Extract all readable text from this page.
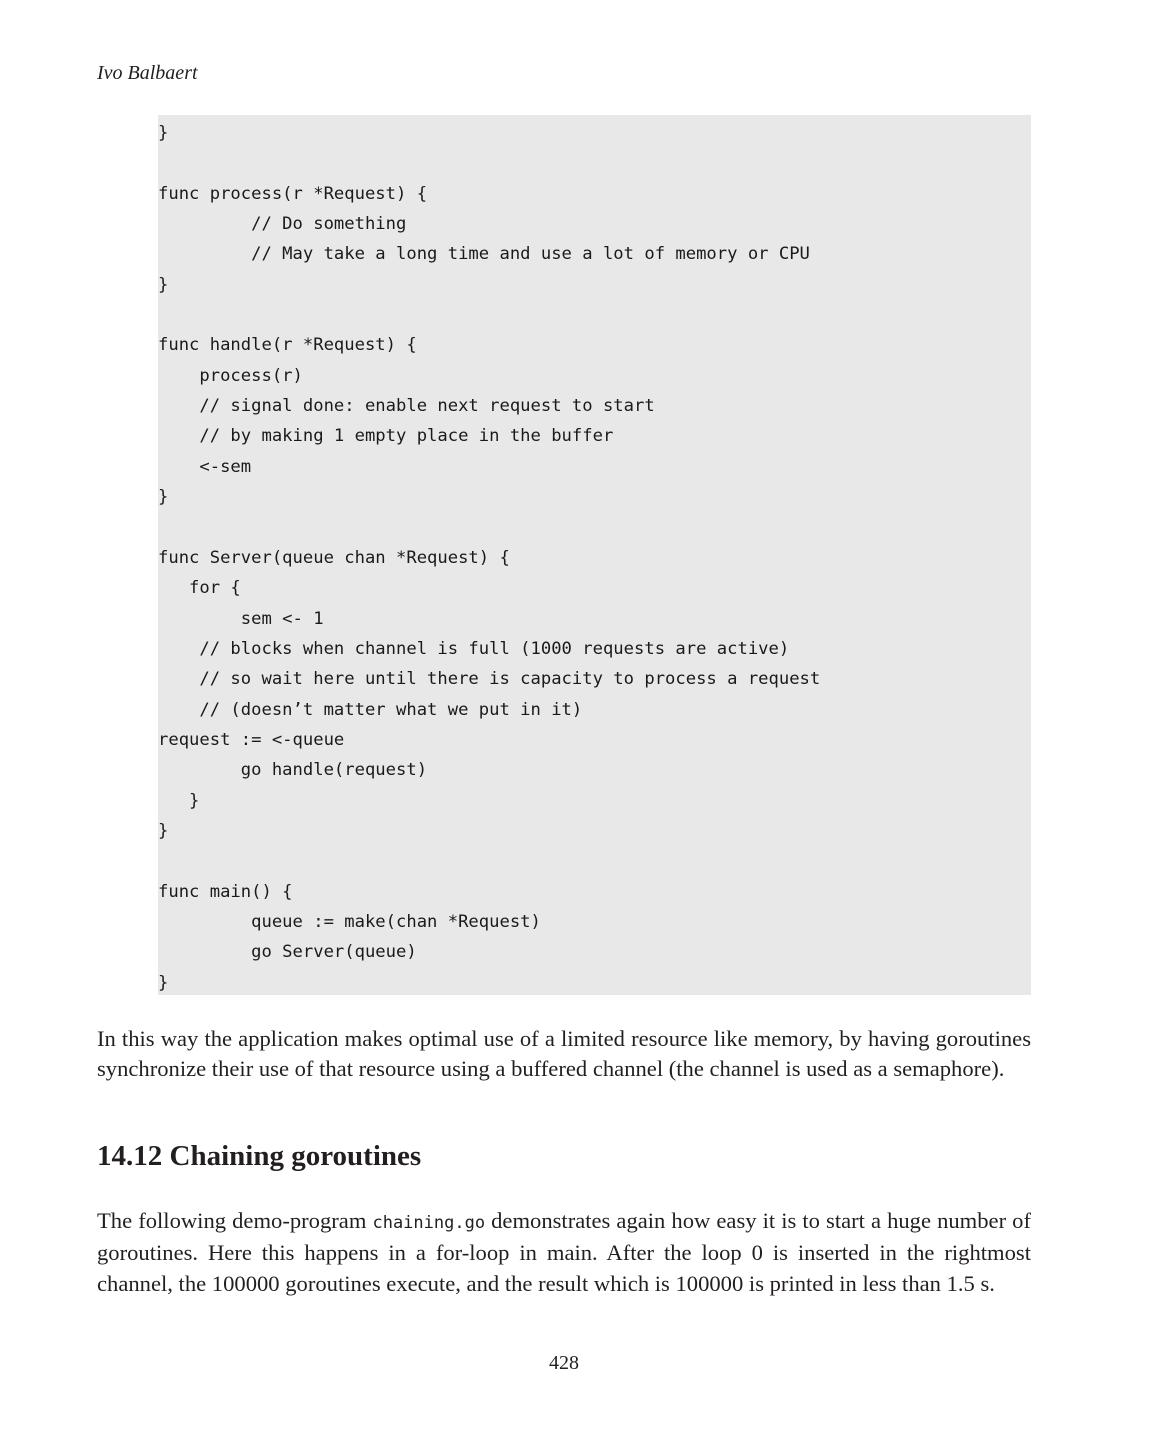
Ivo Balbaert
}

func process(r *Request) {
// Do something
// May take a long time and use a lot of memory or CPU
}

func handle(r *Request) {
process(r)
// signal done: enable next request to start
// by making 1 empty place in the buffer
<-sem
}

func Server(queue chan *Request) {
for {
sem <- 1
// blocks when channel is full (1000 requests are active)
// so wait here until there is capacity to process a request
// (doesn’t matter what we put in it)
request := <-queue
go handle(request)
}
}

func main() {
queue := make(chan *Request)
go Server(queue)
}
In this way the application makes optimal use of a limited resource like memory, by having goroutines synchronize their use of that resource using a buffered channel (the channel is used as a semaphore).
14.12 Chaining goroutines
The following demo-program chaining.go demonstrates again how easy it is to start a huge number of goroutines. Here this happens in a for-loop in main. After the loop 0 is inserted in the rightmost channel, the 100000 goroutines execute, and the result which is 100000 is printed in less than 1.5 s.
428
